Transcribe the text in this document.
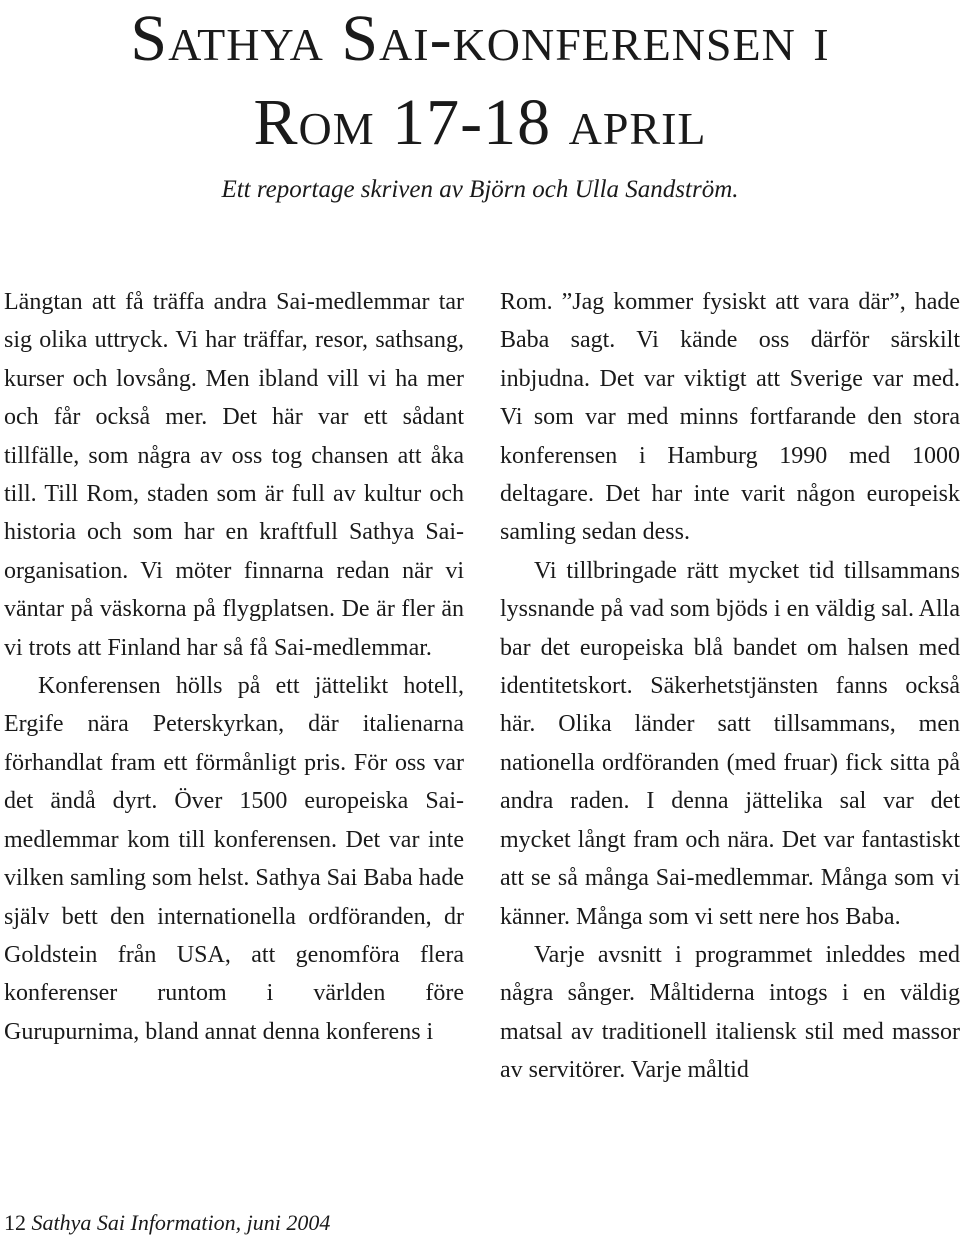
Sathya Sai-konferensen i
Rom 17-18 april

Ett reportage skriven av Björn och Ulla Sandström.

Längtan att få träffa andra Sai-medlemmar tar sig olika uttryck. Vi har träffar, resor, sathsang, kurser och lovsång. Men ibland vill vi ha mer och får också mer. Det här var ett sådant tillfälle, som några av oss tog chansen att åka till. Till Rom, staden som är full av kultur och historia och som har en kraftfull Sathya Sai-organisation. Vi möter finnarna redan när vi väntar på väskorna på flygplatsen. De är fler än vi trots att Finland har så få Sai-medlemmar.

Konferensen hölls på ett jättelikt hotell, Ergife nära Peterskyrkan, där italienarna förhandlat fram ett förmånligt pris. För oss var det ändå dyrt. Över 1500 europeiska Sai-medlemmar kom till konferensen. Det var inte vilken samling som helst. Sathya Sai Baba hade själv bett den internationella ordföranden, dr Goldstein från USA, att genomföra flera konferenser runtom i världen före Gurupurnima, bland annat denna konferens i

Rom. ”Jag kommer fysiskt att vara där”, hade Baba sagt. Vi kände oss därför särskilt inbjudna. Det var viktigt att Sverige var med. Vi som var med minns fortfarande den stora konferensen i Hamburg 1990 med 1000 deltagare. Det har inte varit någon europeisk samling sedan dess.

Vi tillbringade rätt mycket tid tillsammans lyssnande på vad som bjöds i en väldig sal. Alla bar det europeiska blå bandet om halsen med identitetskort. Säkerhetstjänsten fanns också här. Olika länder satt tillsammans, men nationella ordföranden (med fruar) fick sitta på andra raden. I denna jättelika sal var det mycket långt fram och nära. Det var fantastiskt att se så många Sai-medlemmar. Många som vi känner. Många som vi sett nere hos Baba.

Varje avsnitt i programmet inleddes med några sånger. Måltiderna intogs i en väldig matsal av traditionell italiensk stil med massor av servitörer. Varje måltid

12 Sathya Sai Information, juni 2004
